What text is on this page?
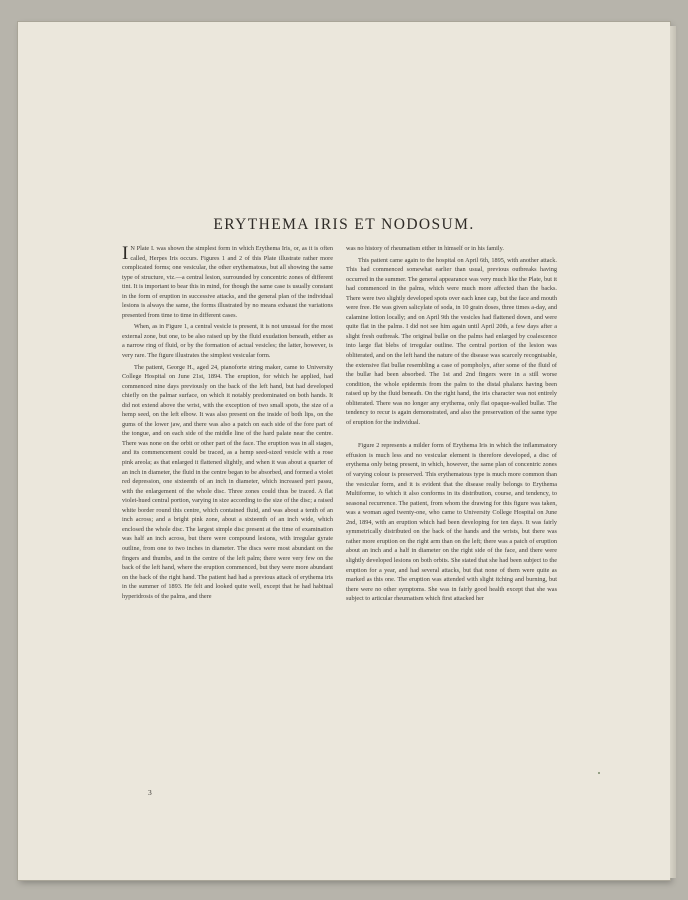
ERYTHEMA IRIS ET NODOSUM.

I N Plate I. was shown the simplest form in which Erythema Iris, or, as it is often called, Herpes Iris occurs. Figures 1 and 2 of this Plate illustrate rather more complicated forms; one vesicular, the other erythematous, but all showing the same type of structure, viz.—a central lesion, surrounded by concentric zones of different tint. It is important to bear this in mind, for though the same case is usually constant in the form of eruption in successive attacks, and the general plan of the individual lesions is always the same, the forms illustrated by no means exhaust the variations presented from time to time in different cases.

When, as in Figure 1, a central vesicle is present, it is not unusual for the most external zone, but one, to be also raised up by the fluid exudation beneath, either as a narrow ring of fluid, or by the formation of actual vesicles; the latter, however, is very rare. The figure illustrates the simplest vesicular form.

The patient, George H., aged 24, pianoforte string maker, came to University College Hospital on June 21st, 1894. The eruption, for which he applied, had commenced nine days previously on the back of the left hand, but had developed chiefly on the palmar surface, on which it notably predominated on both hands. It did not extend above the wrist, with the exception of two small spots, the size of a hemp seed, on the left elbow. It was also present on the inside of both lips, on the gums of the lower jaw, and there was also a patch on each side of the fore part of the tongue, and on each side of the middle line of the hard palate near the centre. There was none on the orbit or other part of the face. The eruption was in all stages, and its commencement could be traced, as a hemp seed-sized vesicle with a rose pink areola; as that enlarged it flattened slightly, and when it was about a quarter of an inch in diameter, the fluid in the centre began to be absorbed, and formed a violet red depression, one sixteenth of an inch in diameter, which increased peri passu, with the enlargement of the whole disc. Three zones could thus be traced. A flat violet-hued central portion, varying in size according to the size of the disc; a raised white border round this centre, which contained fluid, and was about a tenth of an inch across; and a bright pink zone, about a sixteenth of an inch wide, which enclosed the whole disc. The largest simple disc present at the time of examination was half an inch across, but there were compound lesions, with irregular gyrate outline, from one to two inches in diameter. The discs were most abundant on the fingers and thumbs, and in the centre of the left palm; there were very few on the back of the left hand, where the eruption commenced, but they were more abundant on the back of the right hand. The patient had had a previous attack of erythema iris in the summer of 1893. He felt and looked quite well, except that he had habitual hyperidrosis of the palms, and there

was no history of rheumatism either in himself or in his family.

This patient came again to the hospital on April 6th, 1895, with another attack. This had commenced somewhat earlier than usual, previous outbreaks having occurred in the summer. The general appearance was very much like the Plate, but it had commenced in the palms, which were much more affected than the backs. There were two slightly developed spots over each knee cap, but the face and mouth were free. He was given salicylate of soda, in 10 grain doses, three times a-day, and calamine lotion locally; and on April 9th the vesicles had flattened down, and were quite flat in the palms. I did not see him again until April 20th, a few days after a slight fresh outbreak. The original bullæ on the palms had enlarged by coalescence into large flat blebs of irregular outline. The central portion of the lesion was obliterated, and on the left hand the nature of the disease was scarcely recognisable, the extensive flat bullæ resembling a case of pompholyx, after some of the fluid of the bullæ had been absorbed. The 1st and 2nd fingers were in a still worse condition, the whole epidermis from the palm to the distal phalanx having been raised up by the fluid beneath. On the right hand, the iris character was not entirely obliterated. There was no longer any erythema, only flat opaque-walled bullæ. The tendency to recur is again demonstrated, and also the preservation of the same type of eruption for the individual.

Figure 2 represents a milder form of Erythema Iris in which the inflammatory effusion is much less and no vesicular element is therefore developed, a disc of erythema only being present, in which, however, the same plan of concentric zones of varying colour is preserved. This erythematous type is much more common than the vesicular form, and it is evident that the disease really belongs to Erythema Multiforme, to which it also conforms in its distribution, course, and tendency, to seasonal recurrence. The patient, from whom the drawing for this figure was taken, was a woman aged twenty-one, who came to University College Hospital on June 2nd, 1894, with an eruption which had been developing for ten days. It was fairly symmetrically distributed on the back of the hands and the wrists, but there was rather more eruption on the right arm than on the left; there was a patch of eruption about an inch and a half in diameter on the right side of the face, and there were slightly developed lesions on both orbits. She stated that she had been subject to the eruption for a year, and had several attacks, but that none of them were quite as marked as this one. The eruption was attended with slight itching and burning, but there were no other symptoms. She was in fairly good health except that she was subject to articular rheumatism which first attacked her

3
